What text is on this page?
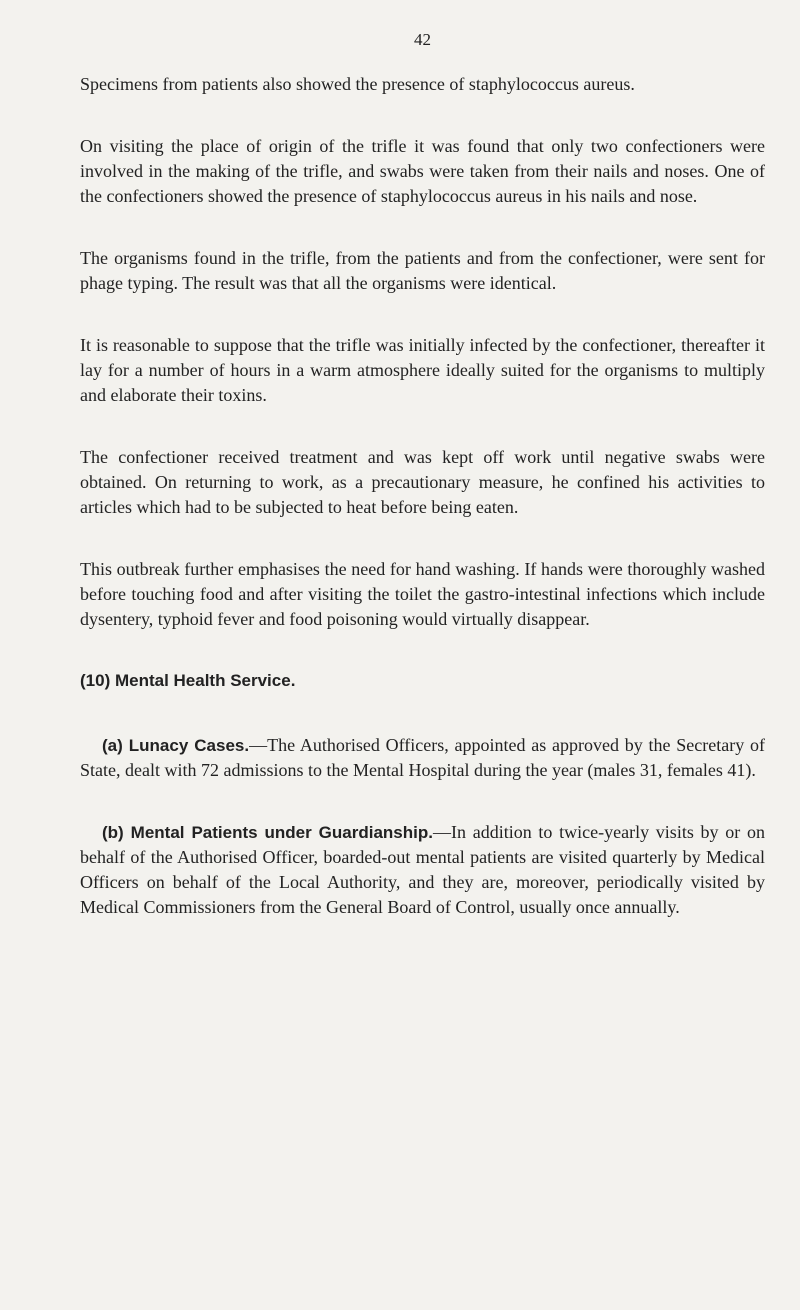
42

Specimens from patients also showed the presence of staphylococcus aureus.

On visiting the place of origin of the trifle it was found that only two confectioners were involved in the making of the trifle, and swabs were taken from their nails and noses. One of the confectioners showed the presence of staphylococcus aureus in his nails and nose.

The organisms found in the trifle, from the patients and from the confectioner, were sent for phage typing. The result was that all the organisms were identical.

It is reasonable to suppose that the trifle was initially infected by the confectioner, thereafter it lay for a number of hours in a warm atmosphere ideally suited for the organisms to multiply and elaborate their toxins.

The confectioner received treatment and was kept off work until negative swabs were obtained. On returning to work, as a precautionary measure, he confined his activities to articles which had to be subjected to heat before being eaten.

This outbreak further emphasises the need for hand washing. If hands were thoroughly washed before touching food and after visiting the toilet the gastro-intestinal infections which include dysentery, typhoid fever and food poisoning would virtually disappear.

(10) Mental Health Service.

(a) Lunacy Cases.—The Authorised Officers, appointed as approved by the Secretary of State, dealt with 72 admissions to the Mental Hospital during the year (males 31, females 41).

(b) Mental Patients under Guardianship.—In addition to twice-yearly visits by or on behalf of the Authorised Officer, boarded-out mental patients are visited quarterly by Medical Officers on behalf of the Local Authority, and they are, moreover, periodically visited by Medical Commissioners from the General Board of Control, usually once annually.
